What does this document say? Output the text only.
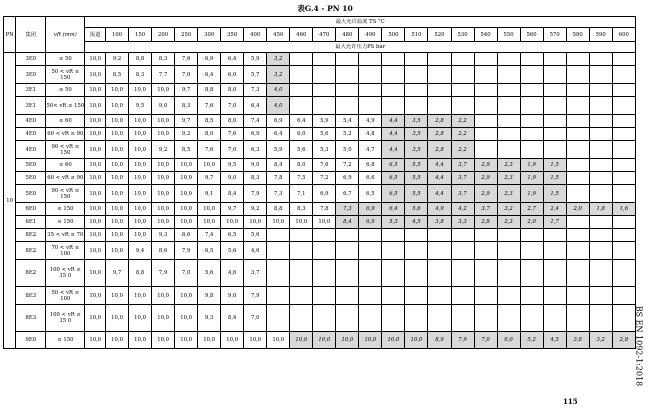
表G.4 - PN 10
PN	集团	vR (mm)	最大允许温度 TS °C																							
			报道	100	150	200	250	300	350	400	450	460	470	480	490	500	510	520	530	540	550	560	570	580	590	600
			最大允许压力PS bar																							
10	3E0	≤ 50	10,0	9,2	8,8	8,3	7,6	6,9	6,4	5,9	3,2															
	3E0	50 < vR ≤ 150	10,0	8,5	8,3	7,7	7,0	6,4	6,0	5,7	3,2															
	3E1	≤ 50	10,0	10,0	10,0	10,0	9,7	8,8	8,0	7,3	4,0															
	3E1	50< vR ≤ 150	10,0	10,0	9,5	9,0	8,3	7,6	7,0	6,4	4,0															
	4E0	≤ 60	10,0	10,0	10,0	10,0	9,7	8,5	8,0	7,4	6,9	6,4	5,9	5,4	4,9	4,4	3,5	2,8	2,2							
	4E0	60 < vR ≤ 90	10,0	10,0	10,0	10,0	9,2	8,0	7,6	6,9	6,4	6,0	5,6	5,2	4,8	4,4	3,5	2,8	2,2							
	4E0	90 < vR ≤ 150	10,0	10,0	10,0	9,2	8,5	7,6	7,0	6,3	5,9	5,6	5,3	5,0	4,7	4,4	3,5	2,8	2,2							
	5E0	≤ 60	10,0	10,0	10,0	10,0	10,0	10,0	9,5	9,0	8,4	8,0	7,6	7,2	6,8	6,5	5,5	4,4	3,7	2,9	2,3	1,9	1,5			
	5E0	60 < vR ≤ 90	10,0	10,0	10,0	10,0	10,0	9,7	9,0	8,3	7,8	7,5	7,2	6,9	6,6	6,5	5,5	4,4	3,7	2,9	2,3	1,9	1,5			
	5E0	90 < vR ≤ 150	10,0	10,0	10,0	10,0	10,0	9,1	8,4	7,9	7,3	7,1	6,9	6,7	6,5	6,5	5,5	4,4	3,7	2,9	2,3	1,9	1,5			
	6E0	≤ 150	10,0	10,0	10,0	10,0	10,0	10,0	9,7	9,2	8,8	8,3	7,8	7,3	6,9	6,4	5,6	4,9	4,2	3,7	3,2	2,7	2,4	2,0	1,8	1,6
	6E1	≤ 150	10,0	10,0	10,0	10,0	10,0	10,0	10,0	10,0	10,0	10,0	10,0	8,4	6,9	5,3	4,5	3,8	3,3	2,8	2,3	2,0	1,7			
	8E2	35 < vR ≤ 70	10,0	10,0	10,0	9,3	8,6	7,4	6,5	5,6																
	8E2	70 < vR ≤ 100	10,0	10,0	9,4	8,6	7,9	6,5	5,6	4,6																
	8E2	100 < vR ≤ 15 0	10,0	9,7	8,8	7,9	7,0	5,6	4,6	3,7																
	8E3	50 < vR ≤ 100	10,0	10,0	10,0	10,0	10,0	9,8	9,0	7,9																
	8E3	100 < vR ≤ 15 0	10,0	10,0	10,0	10,0	10,0	9,3	8,4	7,0																
	9E0	≤ 150	10,0	10,0	10,0	10,0	10,0	10,0	10,0	10,0	10,0	10,0	10,0	10,0	10,0	10,0	10,0	8,9	7,9	7,0	6,0	5,2	4,5	3,8	3,2	2,8 BS EN 1092-1:2018
115
